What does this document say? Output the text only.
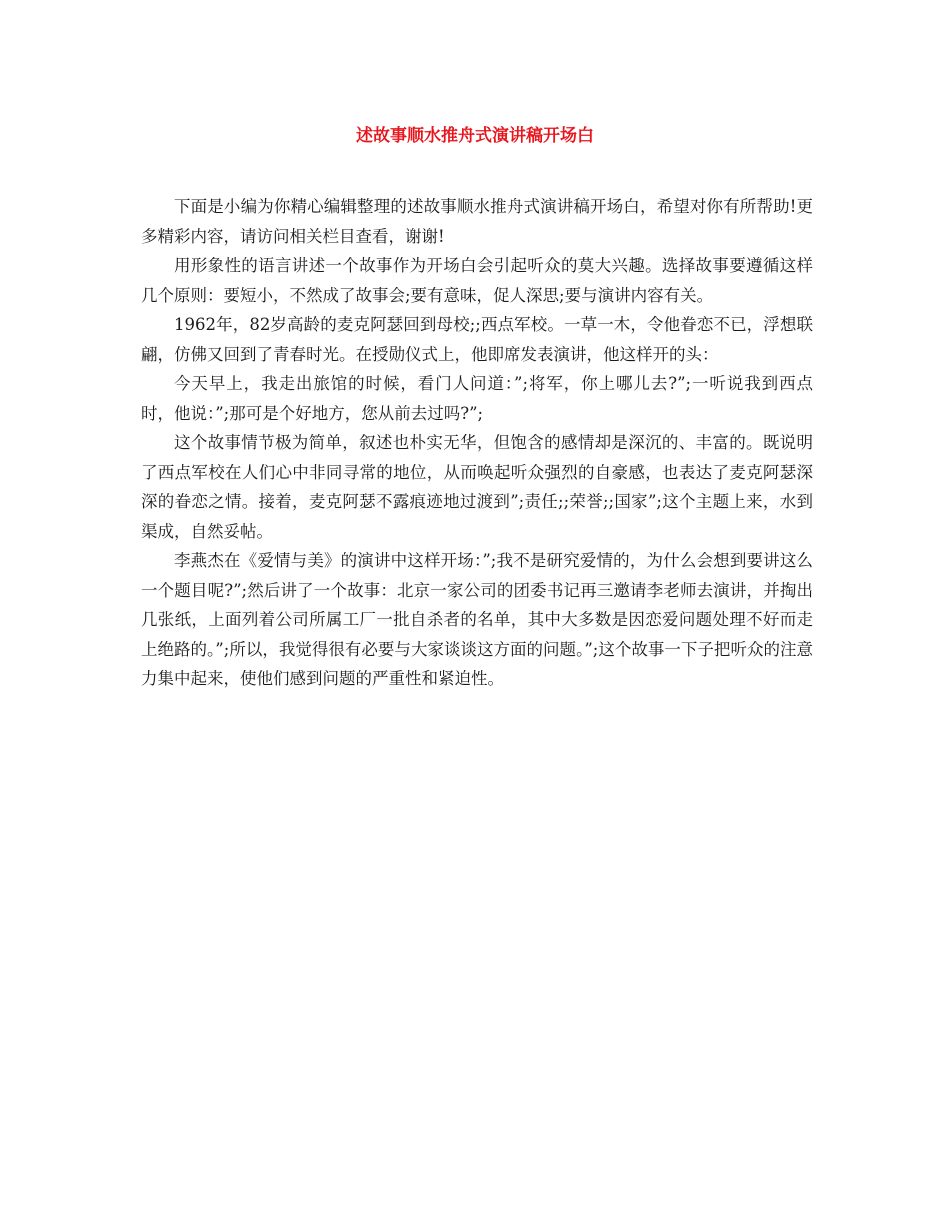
述故事顺水推舟式演讲稿开场白

下面是小编为你精心编辑整理的述故事顺水推舟式演讲稿开场白，希望对你有所帮助!更多精彩内容，请访问相关栏目查看，谢谢!

用形象性的语言讲述一个故事作为开场白会引起听众的莫大兴趣。选择故事要遵循这样几个原则：要短小，不然成了故事会;要有意味，促人深思;要与演讲内容有关。

1962年，82岁高龄的麦克阿瑟回到母校;;西点军校。一草一木，令他眷恋不已，浮想联翩，仿佛又回到了青春时光。在授勋仪式上，他即席发表演讲，他这样开的头：

今天早上，我走出旅馆的时候，看门人问道：”;将军，你上哪儿去?”;一听说我到西点时，他说：”;那可是个好地方，您从前去过吗?”;

这个故事情节极为简单，叙述也朴实无华，但饱含的感情却是深沉的、丰富的。既说明了西点军校在人们心中非同寻常的地位，从而唤起听众强烈的自豪感，也表达了麦克阿瑟深深的眷恋之情。接着，麦克阿瑟不露痕迹地过渡到”;责任;;荣誉;;国家”;这个主题上来，水到渠成，自然妥帖。

李燕杰在《爱情与美》的演讲中这样开场：”;我不是研究爱情的，为什么会想到要讲这么一个题目呢?”;然后讲了一个故事：北京一家公司的团委书记再三邀请李老师去演讲，并掏出几张纸，上面列着公司所属工厂一批自杀者的名单，其中大多数是因恋爱问题处理不好而走上绝路的。”;所以，我觉得很有必要与大家谈谈这方面的问题。”;这个故事一下子把听众的注意力集中起来，使他们感到问题的严重性和紧迫性。
